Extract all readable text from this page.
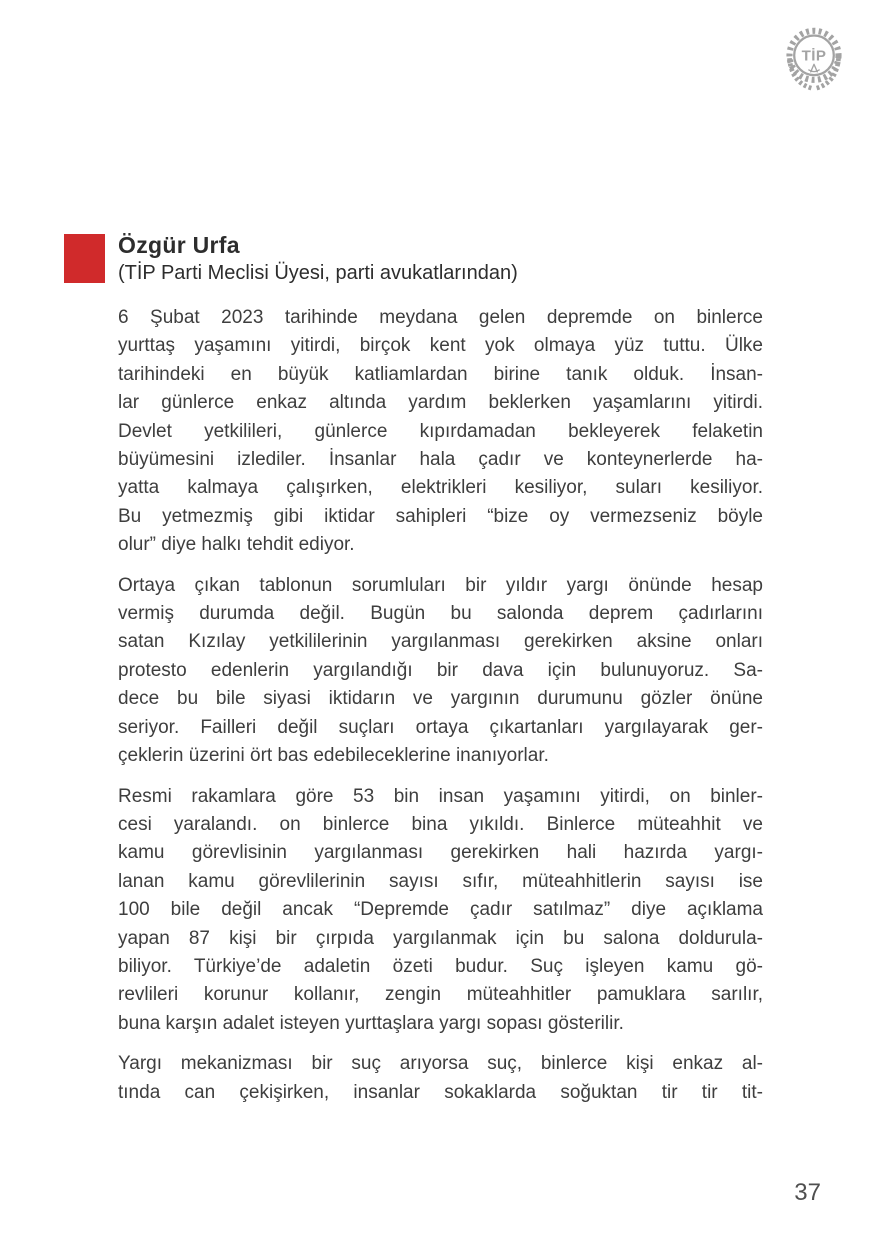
TİP
Özgür Urfa
(TİP Parti Meclisi Üyesi, parti avukatlarından)
6 Şubat 2023 tarihinde meydana gelen depremde on binlerce
yurttaş yaşamını yitirdi, birçok kent yok olmaya yüz tuttu. Ülke
tarihindeki en büyük katliamlardan birine tanık olduk. İnsan-
lar günlerce enkaz altında yardım beklerken yaşamlarını yitirdi.
Devlet yetkilileri, günlerce kıpırdamadan bekleyerek felaketin
büyümesini izlediler. İnsanlar hala çadır ve konteynerlerde ha-
yatta kalmaya çalışırken, elektrikleri kesiliyor, suları kesiliyor.
Bu yetmezmiş gibi iktidar sahipleri “bize oy vermezseniz böyle
olur” diye halkı tehdit ediyor.
Ortaya çıkan tablonun sorumluları bir yıldır yargı önünde hesap
vermiş durumda değil. Bugün bu salonda deprem çadırlarını
satan Kızılay yetkililerinin yargılanması gerekirken aksine onları
protesto edenlerin yargılandığı bir dava için bulunuyoruz. Sa-
dece bu bile siyasi iktidarın ve yargının durumunu gözler önüne
seriyor. Failleri değil suçları ortaya çıkartanları yargılayarak ger-
çeklerin üzerini ört bas edebileceklerine inanıyorlar.
Resmi rakamlara göre 53 bin insan yaşamını yitirdi, on binler-
cesi yaralandı. on binlerce bina yıkıldı. Binlerce müteahhit ve
kamu görevlisinin yargılanması gerekirken hali hazırda yargı-
lanan kamu görevlilerinin sayısı sıfır, müteahhitlerin sayısı ise
100 bile değil ancak “Depremde çadır satılmaz” diye açıklama
yapan 87 kişi bir çırpıda yargılanmak için bu salona doldurula-
biliyor. Türkiye’de adaletin özeti budur. Suç işleyen kamu gö-
revlileri korunur kollanır, zengin müteahhitler pamuklara sarılır,
buna karşın adalet isteyen yurttaşlara yargı sopası gösterilir.
Yargı mekanizması bir suç arıyorsa suç, binlerce kişi enkaz al-
tında can çekişirken, insanlar sokaklarda soğuktan tir tir tit-
37
